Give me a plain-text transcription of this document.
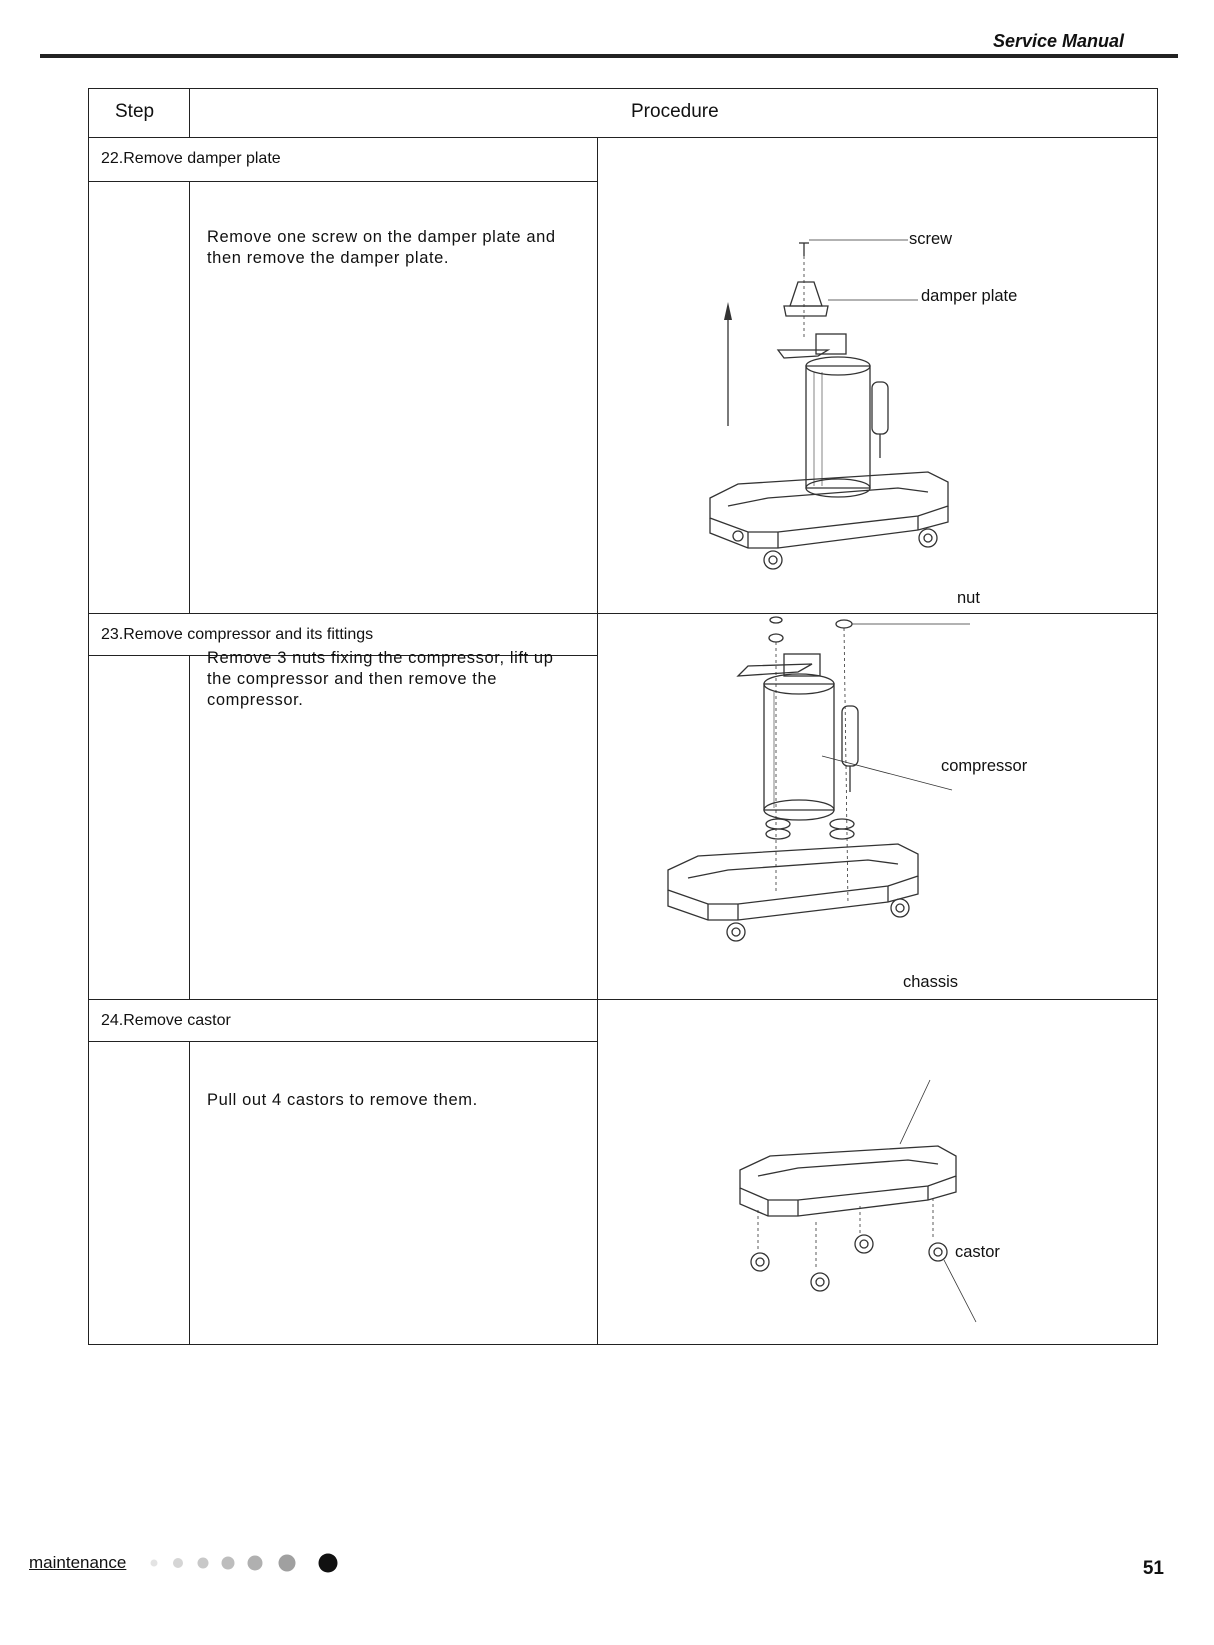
Service Manual
Step	Procedure
22.Remove damper plate
Remove one screw on the damper plate and then remove the damper plate.
23.Remove compressor and its fittings
Remove 3 nuts fixing the compressor, lift up the compressor and then remove the compressor.
24.Remove castor
Pull out 4 castors to remove them.
screw
damper plate
nut
compressor
chassis
castor
maintenance	51
